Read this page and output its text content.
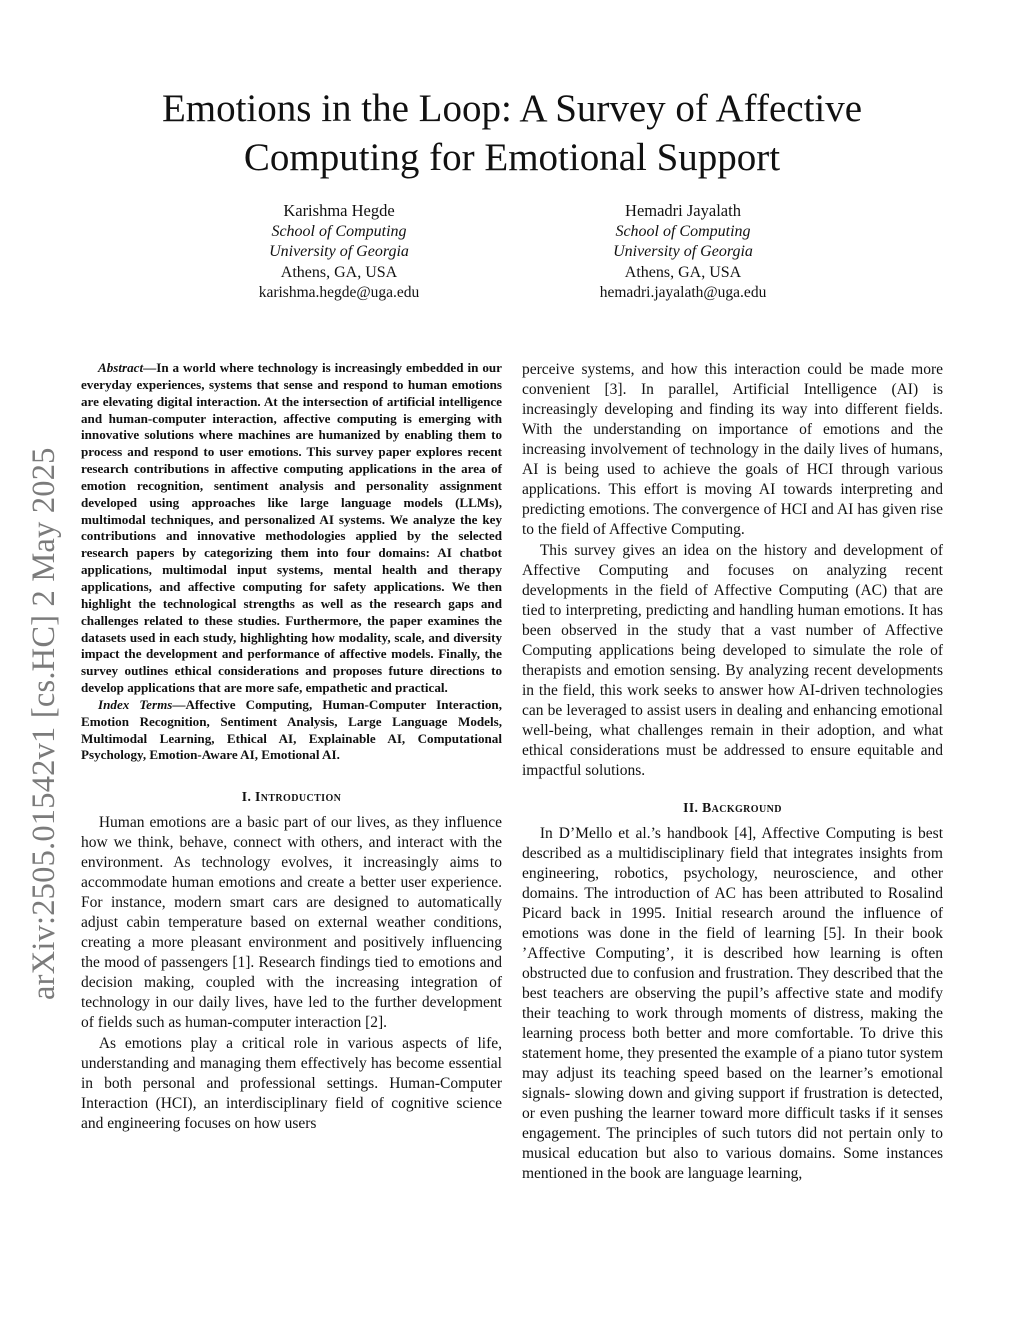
arXiv:2505.01542v1 [cs.HC] 2 May 2025
Emotions in the Loop: A Survey of Affective Computing for Emotional Support
Karishma Hegde
School of Computing
University of Georgia
Athens, GA, USA
karishma.hegde@uga.edu
Hemadri Jayalath
School of Computing
University of Georgia
Athens, GA, USA
hemadri.jayalath@uga.edu

Abstract—In a world where technology is increasingly embedded in our everyday experiences, systems that sense and respond to human emotions are elevating digital interaction. At the intersection of artificial intelligence and human-computer interaction, affective computing is emerging with innovative solutions where machines are humanized by enabling them to process and respond to user emotions. This survey paper explores recent research contributions in affective computing applications in the area of emotion recognition, sentiment analysis and personality assignment developed using approaches like large language models (LLMs), multimodal techniques, and personalized AI systems. We analyze the key contributions and innovative methodologies applied by the selected research papers by categorizing them into four domains: AI chatbot applications, multimodal input systems, mental health and therapy applications, and affective computing for safety applications. We then highlight the technological strengths as well as the research gaps and challenges related to these studies. Furthermore, the paper examines the datasets used in each study, highlighting how modality, scale, and diversity impact the development and performance of affective models. Finally, the survey outlines ethical considerations and proposes future directions to develop applications that are more safe, empathetic and practical.

Index Terms—Affective Computing, Human-Computer Interaction, Emotion Recognition, Sentiment Analysis, Large Language Models, Multimodal Learning, Ethical AI, Explainable AI, Computational Psychology, Emotion-Aware AI, Emotional AI.

I. Introduction

Human emotions are a basic part of our lives, as they influence how we think, behave, connect with others, and interact with the environment. As technology evolves, it increasingly aims to accommodate human emotions and create a better user experience. For instance, modern smart cars are designed to automatically adjust cabin temperature based on external weather conditions, creating a more pleasant environment and positively influencing the mood of passengers [1]. Research findings tied to emotions and decision making, coupled with the increasing integration of technology in our daily lives, have led to the further development of fields such as human-computer interaction [2].

As emotions play a critical role in various aspects of life, understanding and managing them effectively has become essential in both personal and professional settings. Human-Computer Interaction (HCI), an interdisciplinary field of cognitive science and engineering focuses on how users

perceive systems, and how this interaction could be made more convenient [3]. In parallel, Artificial Intelligence (AI) is increasingly developing and finding its way into different fields. With the understanding on importance of emotions and the increasing involvement of technology in the daily lives of humans, AI is being used to achieve the goals of HCI through various applications. This effort is moving AI towards interpreting and predicting emotions. The convergence of HCI and AI has given rise to the field of Affective Computing.

This survey gives an idea on the history and development of Affective Computing and focuses on analyzing recent developments in the field of Affective Computing (AC) that are tied to interpreting, predicting and handling human emotions. It has been observed in the study that a vast number of Affective Computing applications being developed to simulate the role of therapists and emotion sensing. By analyzing recent developments in the field, this work seeks to answer how AI-driven technologies can be leveraged to assist users in dealing and enhancing emotional well-being, what challenges remain in their adoption, and what ethical considerations must be addressed to ensure equitable and impactful solutions.

II. Background

In D’Mello et al.’s handbook [4], Affective Computing is best described as a multidisciplinary field that integrates insights from engineering, robotics, psychology, neuroscience, and other domains. The introduction of AC has been attributed to Rosalind Picard back in 1995. Initial research around the influence of emotions was done in the field of learning [5]. In their book ’Affective Computing’, it is described how learning is often obstructed due to confusion and frustration. They described that the best teachers are observing the pupil’s affective state and modify their teaching to work through moments of distress, making the learning process both better and more comfortable. To drive this statement home, they presented the example of a piano tutor system may adjust its teaching speed based on the learner’s emotional signals- slowing down and giving support if frustration is detected, or even pushing the learner toward more difficult tasks if it senses engagement. The principles of such tutors did not pertain only to musical education but also to various domains. Some instances mentioned in the book are language learning,
